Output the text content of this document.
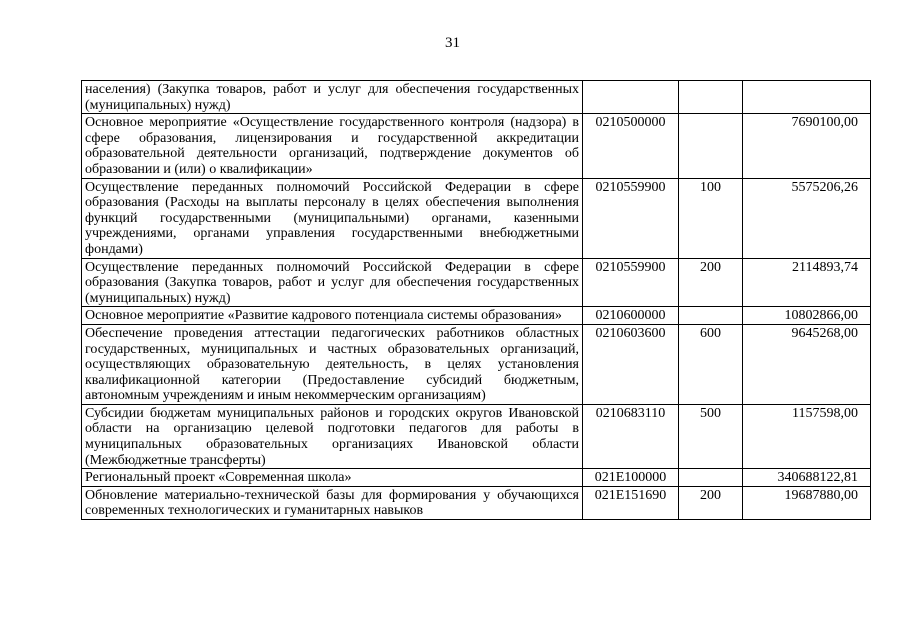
31
населения) (Закупка товаров, работ и услуг для обеспечения государственных (муниципальных) нужд)			
Основное мероприятие «Осуществление государственного контроля (надзора) в сфере образования, лицензирования и государственной аккредитации образовательной деятельности организаций, подтверждение документов об образовании и (или) о квалификации»	0210500000		7690100,00
Осуществление переданных полномочий Российской Федерации в сфере образования (Расходы на выплаты персоналу в целях обеспечения выполнения функций государственными (муниципальными) органами, казенными учреждениями, органами управления государственными внебюджетными фондами)	0210559900	100	5575206,26
Осуществление переданных полномочий Российской Федерации в сфере образования (Закупка товаров, работ и услуг для обеспечения государственных (муниципальных) нужд)	0210559900	200	2114893,74
Основное мероприятие «Развитие кадрового потенциала системы образования»	0210600000		10802866,00
Обеспечение проведения аттестации педагогических работников областных государственных, муниципальных и частных образовательных организаций, осуществляющих образовательную деятельность, в целях установления квалификационной категории (Предоставление субсидий бюджетным, автономным учреждениям и иным некоммерческим организациям)	0210603600	600	9645268,00
Субсидии бюджетам муниципальных районов и городских округов Ивановской области на организацию целевой подготовки педагогов для работы в муниципальных образовательных организациях Ивановской области (Межбюджетные трансферты)	0210683110	500	1157598,00
Региональный проект «Современная школа»	021E100000		340688122,81
Обновление материально-технической базы для формирования у обучающихся современных технологических и гуманитарных навыков	021E151690	200	19687880,00
